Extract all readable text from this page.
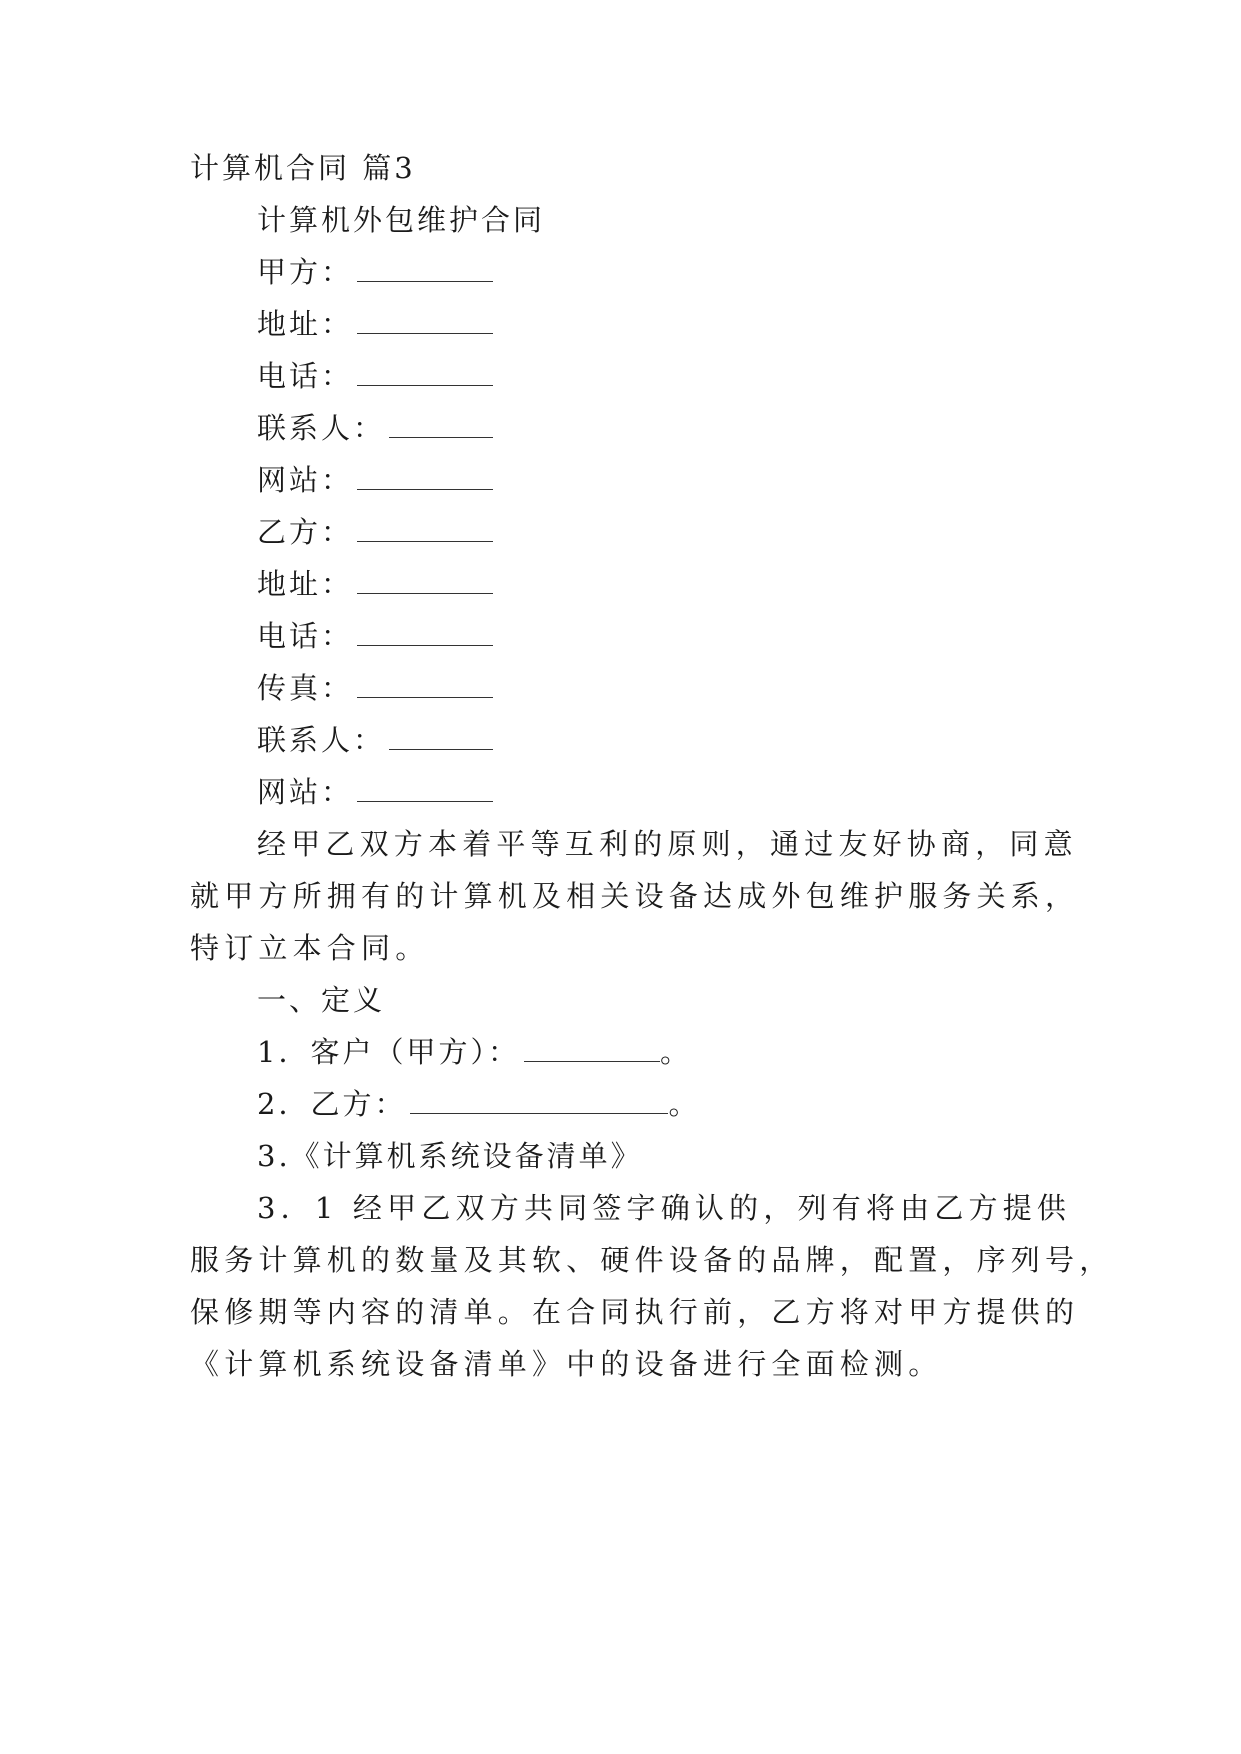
计算机合同 篇3
计算机外包维护合同
甲方：
地址：
电话：
联系人：
网站：
乙方：
地址：
电话：
传真：
联系人：
网站：
经甲乙双方本着平等互利的原则，通过友好协商，同意
就甲方所拥有的计算机及相关设备达成外包维护服务关系，
特订立本合同。
一、定义
1．客户（甲方）：	。
2．乙方：	。
3.《计算机系统设备清单》
3．1 经甲乙双方共同签字确认的，列有将由乙方提供
服务计算机的数量及其软、硬件设备的品牌，配置，序列号，
保修期等内容的清单。在合同执行前，乙方将对甲方提供的
《计算机系统设备清单》中的设备进行全面检测。
